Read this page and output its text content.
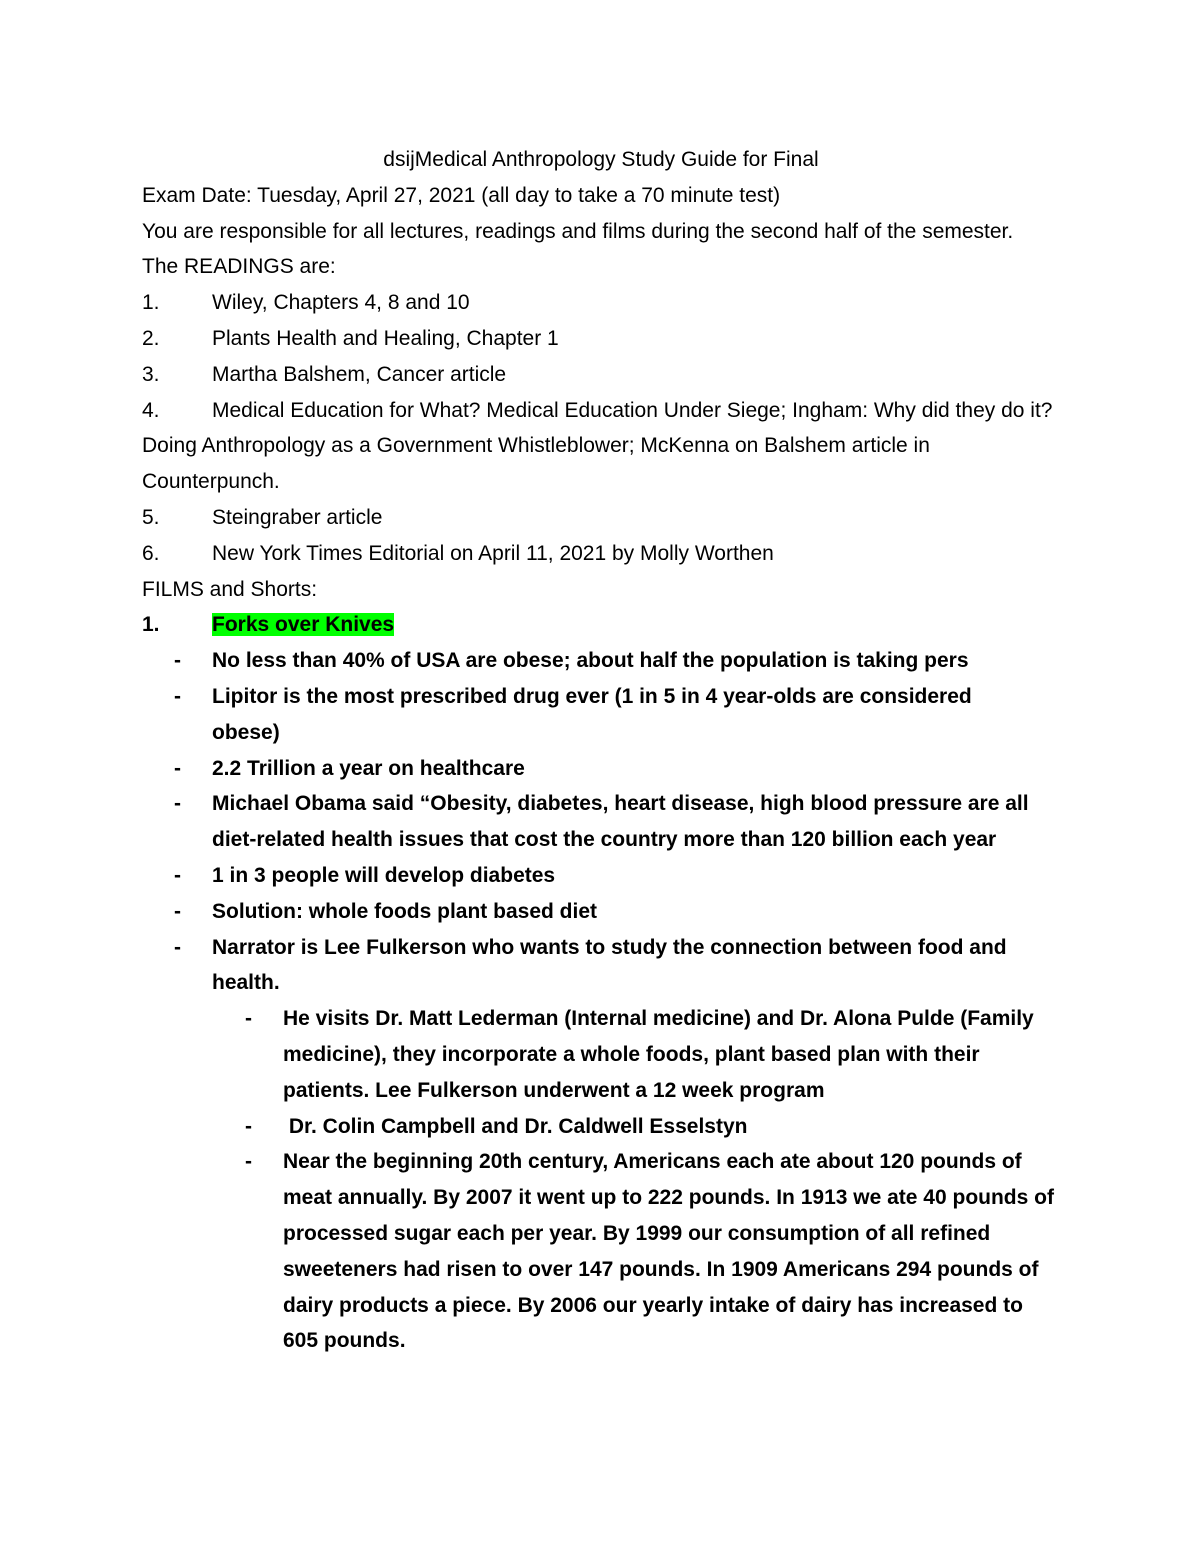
dsijMedical Anthropology Study Guide for Final
Exam Date: Tuesday, April 27, 2021 (all day to take a 70 minute test)
You are responsible for all lectures, readings and films during the second half of the semester.
The READINGS are:
1.	Wiley, Chapters 4, 8 and 10
2.	Plants Health and Healing, Chapter 1
3.	Martha Balshem, Cancer article
4. Medical Education for What? Medical Education Under Siege; Ingham: Why did they do it? Doing Anthropology as a Government Whistleblower; McKenna on Balshem article in Counterpunch.
5.	Steingraber article
6.	New York Times Editorial on April 11, 2021 by Molly Worthen
FILMS and Shorts:
1.	Forks over Knives
-	No less than 40% of USA are obese; about half the population is taking pers
-	Lipitor is the most prescribed drug ever (1 in 5 in 4 year-olds are considered obese)
-	2.2 Trillion a year on healthcare
-	Michael Obama said “Obesity, diabetes, heart disease, high blood pressure are all diet-related health issues that cost the country more than 120 billion each year
-	1 in 3 people will develop diabetes
-	Solution: whole foods plant based diet
-	Narrator is Lee Fulkerson who wants to study the connection between food and health.
-	He visits Dr. Matt Lederman (Internal medicine) and Dr. Alona Pulde (Family medicine), they incorporate a whole foods, plant based plan with their patients. Lee Fulkerson underwent a 12 week program
-	Dr. Colin Campbell and Dr. Caldwell Esselstyn
-	Near the beginning 20th century, Americans each ate about 120 pounds of meat annually. By 2007 it went up to 222 pounds. In 1913 we ate 40 pounds of processed sugar each per year. By 1999 our consumption of all refined sweeteners had risen to over 147 pounds. In 1909 Americans 294 pounds of dairy products a piece. By 2006 our yearly intake of dairy has increased to 605 pounds.
